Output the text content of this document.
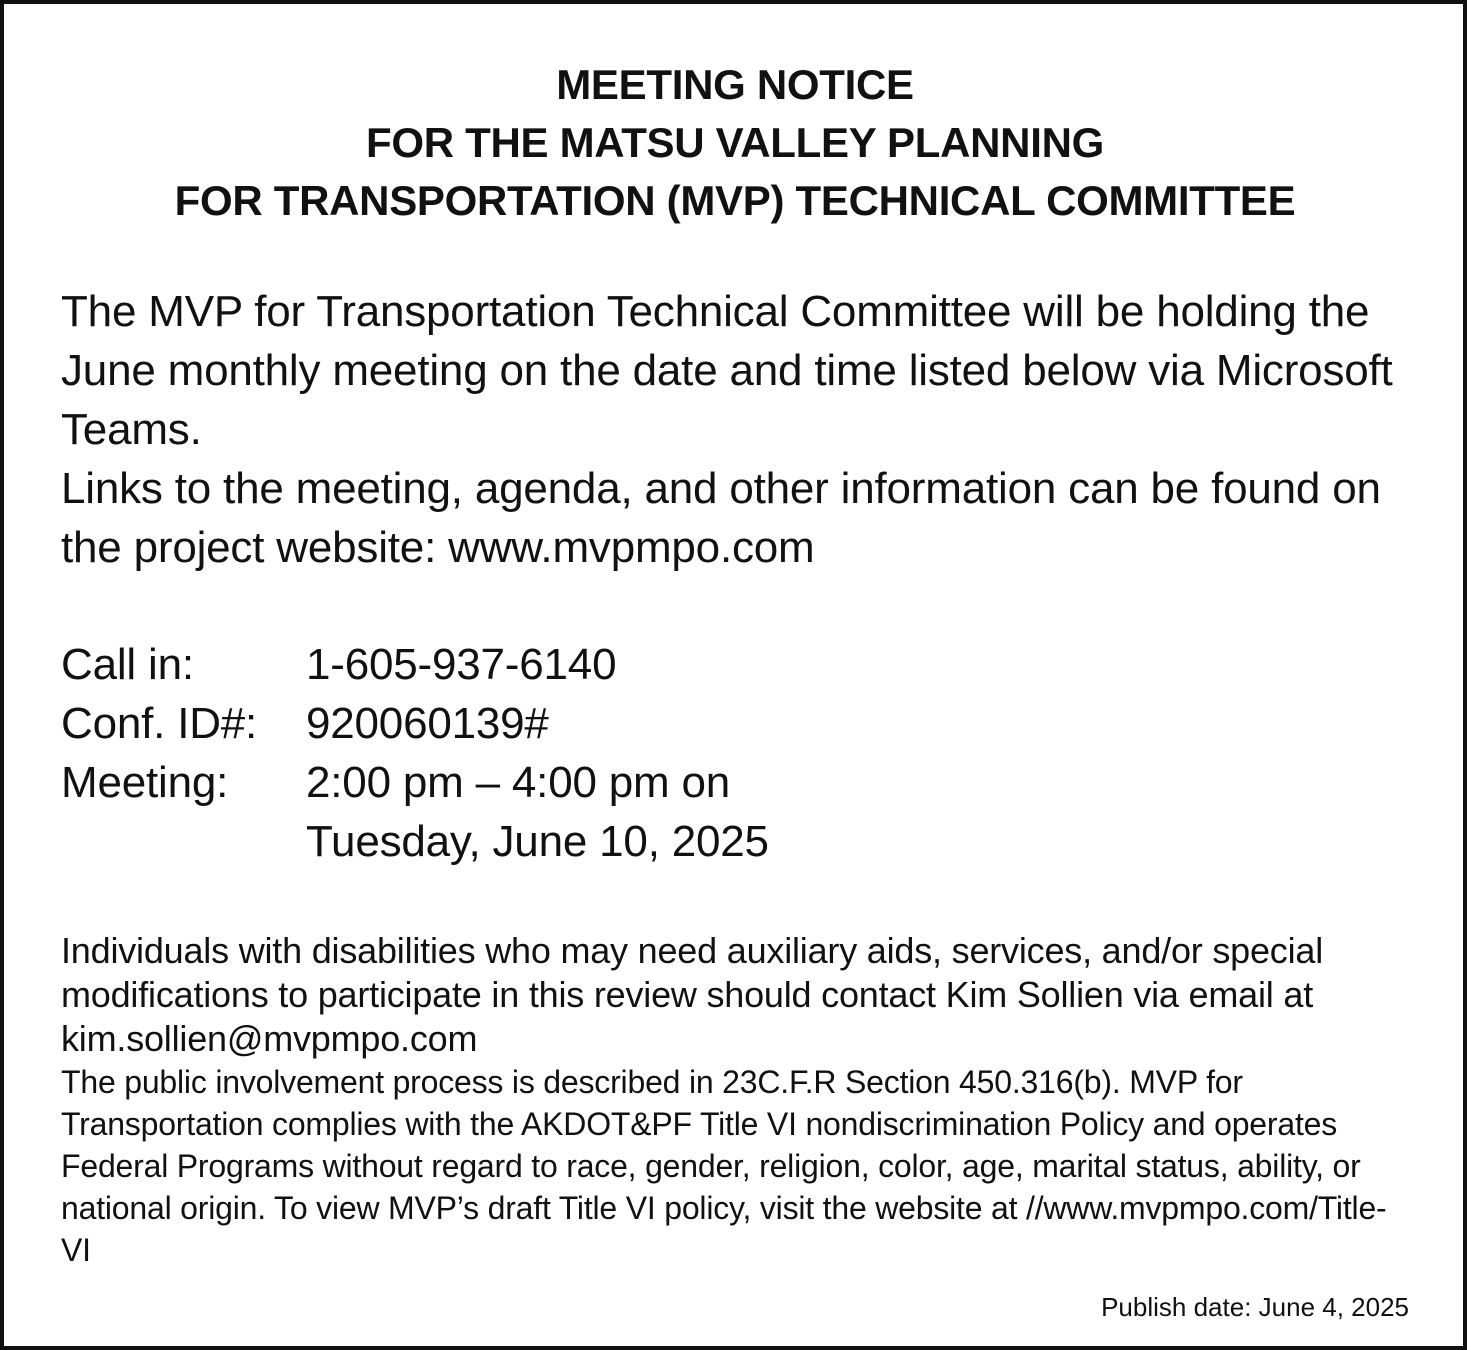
MEETING NOTICE
FOR THE MATSU VALLEY PLANNING
FOR TRANSPORTATION (MVP) TECHNICAL COMMITTEE

The MVP for Transportation Technical Committee will be holding the June monthly meeting on the date and time listed below via Microsoft Teams.

Links to the meeting, agenda, and other information can be found on the project website: www.mvpmpo.com

Call in:	1-605-937-6140
Conf. ID#:	920060139#
Meeting:	2:00 pm – 4:00 pm on
Tuesday, June 10, 2025

Individuals with disabilities who may need auxiliary aids, services, and/or special modifications to participate in this review should contact Kim Sollien via email at kim.sollien@mvpmpo.com

The public involvement process is described in 23C.F.R Section 450.316(b). MVP for Transportation complies with the AKDOT&PF Title VI nondiscrimination Policy and operates Federal Programs without regard to race, gender, religion, color, age, marital status, ability, or national origin. To view MVP’s draft Title VI policy, visit the website at //www.mvpmpo.com/Title-VI

Publish date: June 4, 2025
